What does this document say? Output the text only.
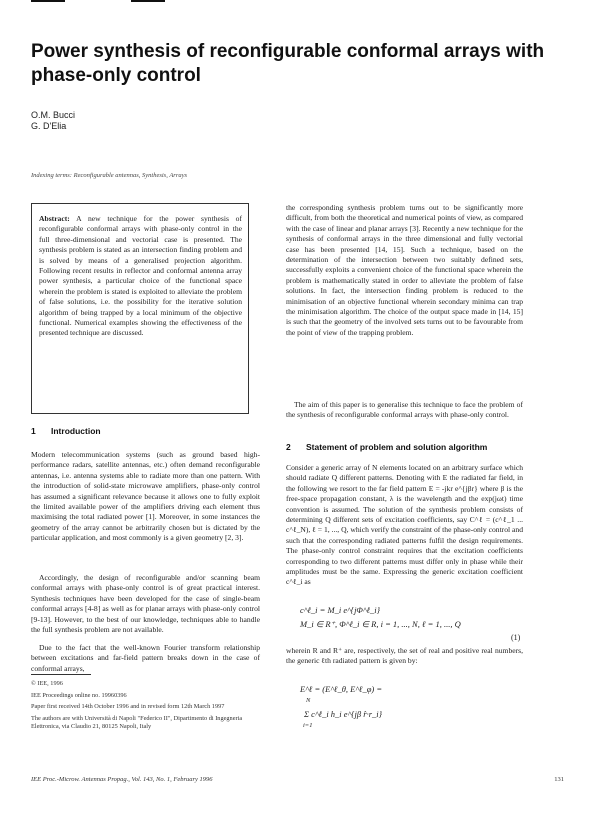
Power synthesis of reconfigurable conformal arrays with phase-only control
O.M. Bucci
G. D'Elia
Indexing terms: Reconfigurable antennas, Synthesis, Arrays

Abstract: A new technique for the power synthesis of reconfigurable conformal arrays with phase-only control in the full three-dimensional and vectorial case is presented. The synthesis problem is stated as an intersection finding problem and is solved by means of a generalised projection algorithm. Following recent results in reflector and conformal antenna array power synthesis, a particular choice of the functional space wherein the problem is stated is exploited to alleviate the problem of false solutions, i.e. the possibility for the iterative solution algorithm of being trapped by a local minimum of the objective functional. Numerical examples showing the effectiveness of the presented technique are discussed.

1 Introduction

Modern telecommunication systems (such as ground based high-performance radars, satellite antennas, etc.) often demand reconfigurable antennas, i.e. antenna systems able to radiate more than one pattern. With the introduction of solid-state microwave amplifiers, phase-only control has assumed a significant relevance because it allows one to fully exploit the limited available power of the amplifiers driving each element thus maximising the total radiated power [1]. Moreover, in some instances the geometry of the array cannot be arbitrarily chosen but is dictated by the particular application, and most commonly is a given geometry [2, 3].

Accordingly, the design of reconfigurable and/or scanning beam conformal arrays with phase-only control is of great practical interest. Synthesis techniques have been developed for the case of single-beam conformal arrays [4-8] as well as for planar arrays with phase-only control [9-13]. However, to the best of our knowledge, techniques able to handle the full synthesis problem are not available.

Due to the fact that the well-known Fourier transform relationship between excitations and far-field pattern breaks down in the case of conformal arrays,

© IEE, 1996

IEE Proceedings online no. 19960396

Paper first received 14th October 1996 and in revised form 12th March 1997

The authors are with Università di Napoli "Federico II", Dipartimento di Ingegneria Elettronica, via Claudio 21, 80125 Napoli, Italy

the corresponding synthesis problem turns out to be significantly more difficult, from both the theoretical and numerical points of view, as compared with the case of linear and planar arrays [3]. Recently a new technique for the synthesis of conformal arrays in the three dimensional and fully vectorial case has been presented [14, 15]. Such a technique, based on the determination of the intersection between two suitably defined sets, successfully exploits a convenient choice of the functional space wherein the problem is mathematically stated in order to alleviate the problem of false solutions. In fact, the intersection finding problem is reduced to the minimisation of an objective functional wherein secondary minima can trap the minimisation algorithm. The choice of the output space made in [14, 15] is such that the geometry of the involved sets turns out to be favourable from the point of view of the trapping problem.

The aim of this paper is to generalise this technique to face the problem of the synthesis of reconfigurable conformal arrays with phase-only control.

2 Statement of problem and solution algorithm

Consider a generic array of N elements located on an arbitrary surface which should radiate Q different patterns. Denoting with E the radiated far field, in the following we resort to the far field pattern E = -jkr e^{jβr} where β is the free-space propagation constant, λ is the wavelength and the exp(jωt) time convention is assumed. The solution of the synthesis problem consists of determining Q different sets of excitation coefficients, say C^ℓ = (c^ℓ_1 ... c^ℓ_N), ℓ = 1, ..., Q, which verify the constraint of the phase-only control and such that the corresponding radiated patterns fulfil the design requirements. The phase-only control constraint requires that the excitation coefficients corresponding to two different patterns must differ only in phase while their amplitudes must be the same. Expressing the generic excitation coefficient c^ℓ_i as

c^ℓ_i = M_i e^{jΦ^ℓ_i}
M_i ∈ R⁺, Φ^ℓ_i ∈ R, i = 1, ..., N, ℓ = 1, ..., Q
(1)

wherein R and R⁺ are, respectively, the set of real and positive real numbers, the generic ℓth radiated pattern is given by:

E^ℓ = (E^ℓ_θ, E^ℓ_φ) =
N
i=1
Σ c^ℓ_i h_i e^{jβ r̂·r_i}
IEE Proc.-Microw. Antennas Propag., Vol. 143, No. 1, February 1996	131
